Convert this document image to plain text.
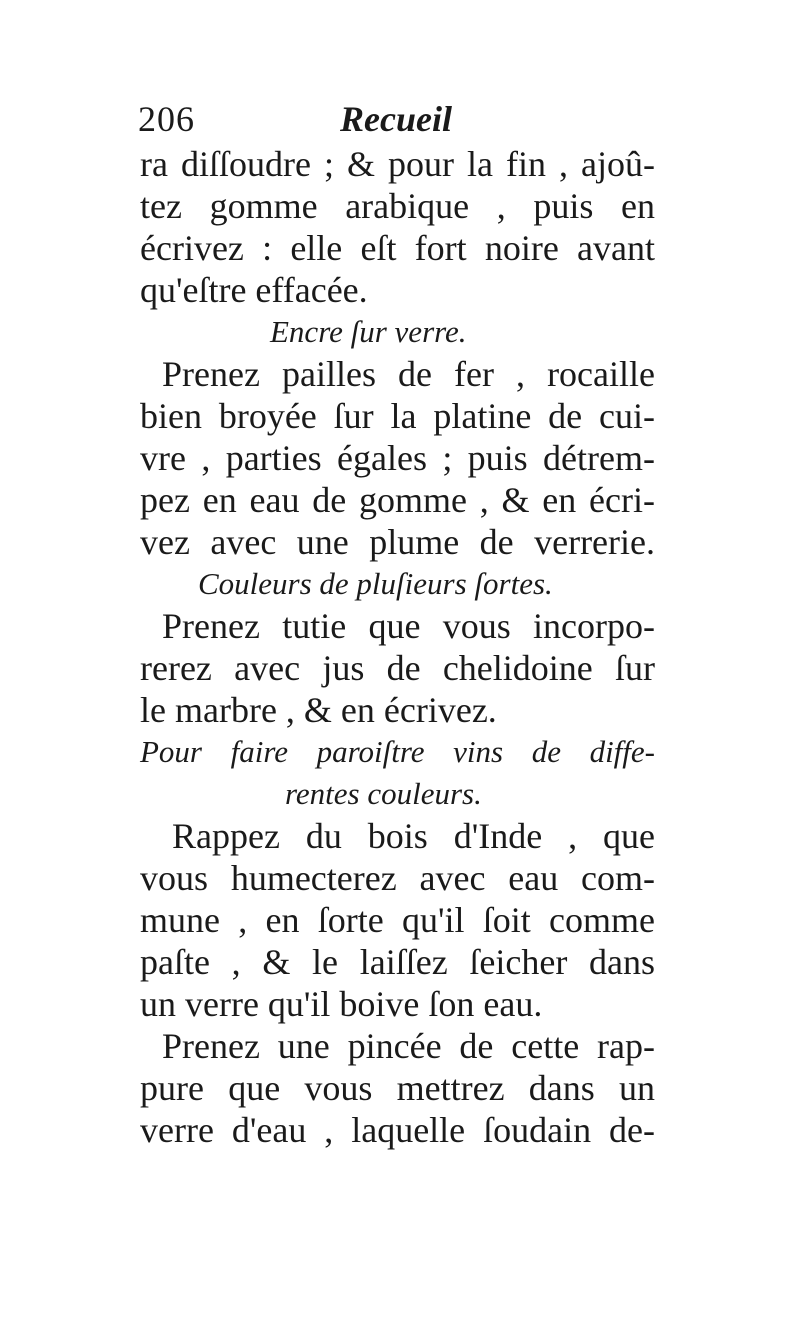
206	Recueil
ra diſſoudre ; & pour la fin , ajoû-
tez gomme arabique , puis en
écrivez : elle eſt fort noire avant
qu'eſtre effacée.
Encre ſur verre.
Prenez pailles de fer , rocaille
bien broyée ſur la platine de cui-
vre , parties égales ; puis détrem-
pez en eau de gomme , & en écri-
vez avec une plume de verrerie.
Couleurs de pluſieurs ſortes.
Prenez tutie que vous incorpo-
rerez avec jus de chelidoine ſur
le marbre , & en écrivez.
Pour faire paroiſtre vins de diffe-
rentes couleurs.
Rappez du bois d'Inde , que
vous humecterez avec eau com-
mune , en ſorte qu'il ſoit comme
paſte , & le laiſſez ſeicher dans
un verre qu'il boive ſon eau.
Prenez une pincée de cette rap-
pure que vous mettrez dans un
verre d'eau , laquelle ſoudain de-
